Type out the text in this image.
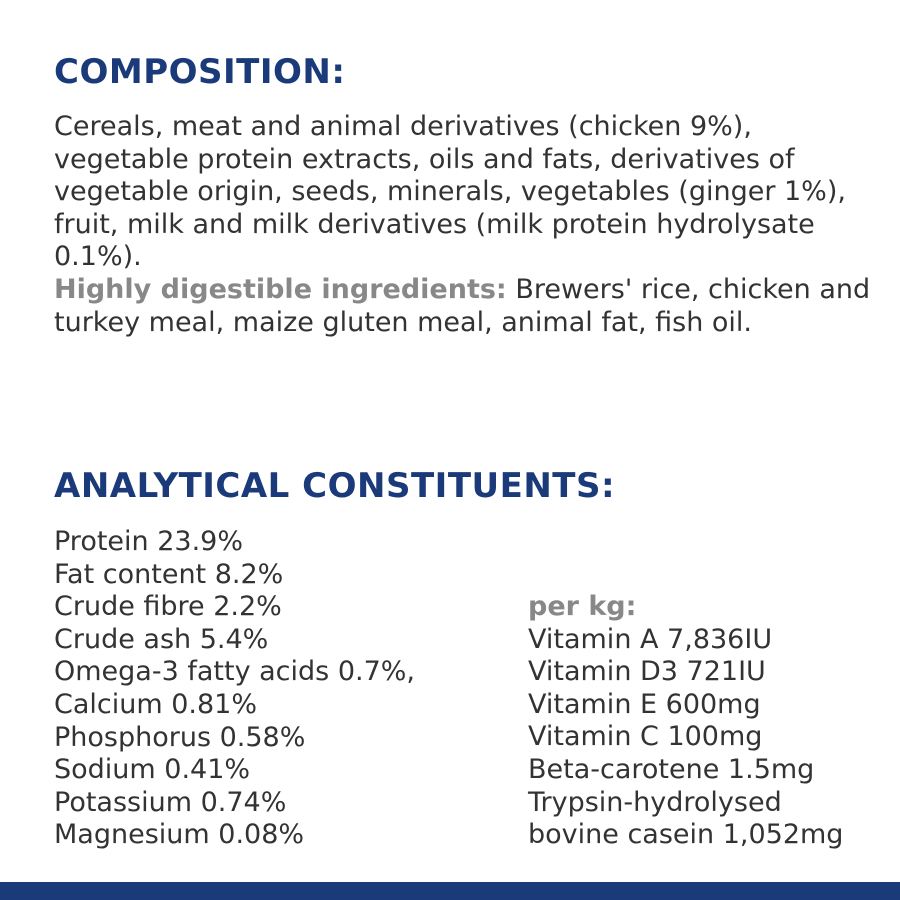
COMPOSITION:

Cereals, meat and animal derivatives (chicken 9%), vegetable protein extracts, oils and fats, derivatives of vegetable origin, seeds, minerals, vegetables (ginger 1%), fruit, milk and milk derivatives (milk protein hydrolysate 0.1%).
Highly digestible ingredients: Brewers' rice, chicken and turkey meal, maize gluten meal, animal fat, fish oil.

ANALYTICAL CONSTITUENTS:
Protein 23.9%
Fat content 8.2%
Crude fibre 2.2%
Crude ash 5.4%
Omega-3 fatty acids 0.7%,
Calcium 0.81%
Phosphorus 0.58%
Sodium 0.41%
Potassium 0.74%
Magnesium 0.08%
per kg:
Vitamin A 7,836IU
Vitamin D3 721IU
Vitamin E 600mg
Vitamin C 100mg
Beta-carotene 1.5mg
Trypsin-hydrolysed
bovine casein 1,052mg
